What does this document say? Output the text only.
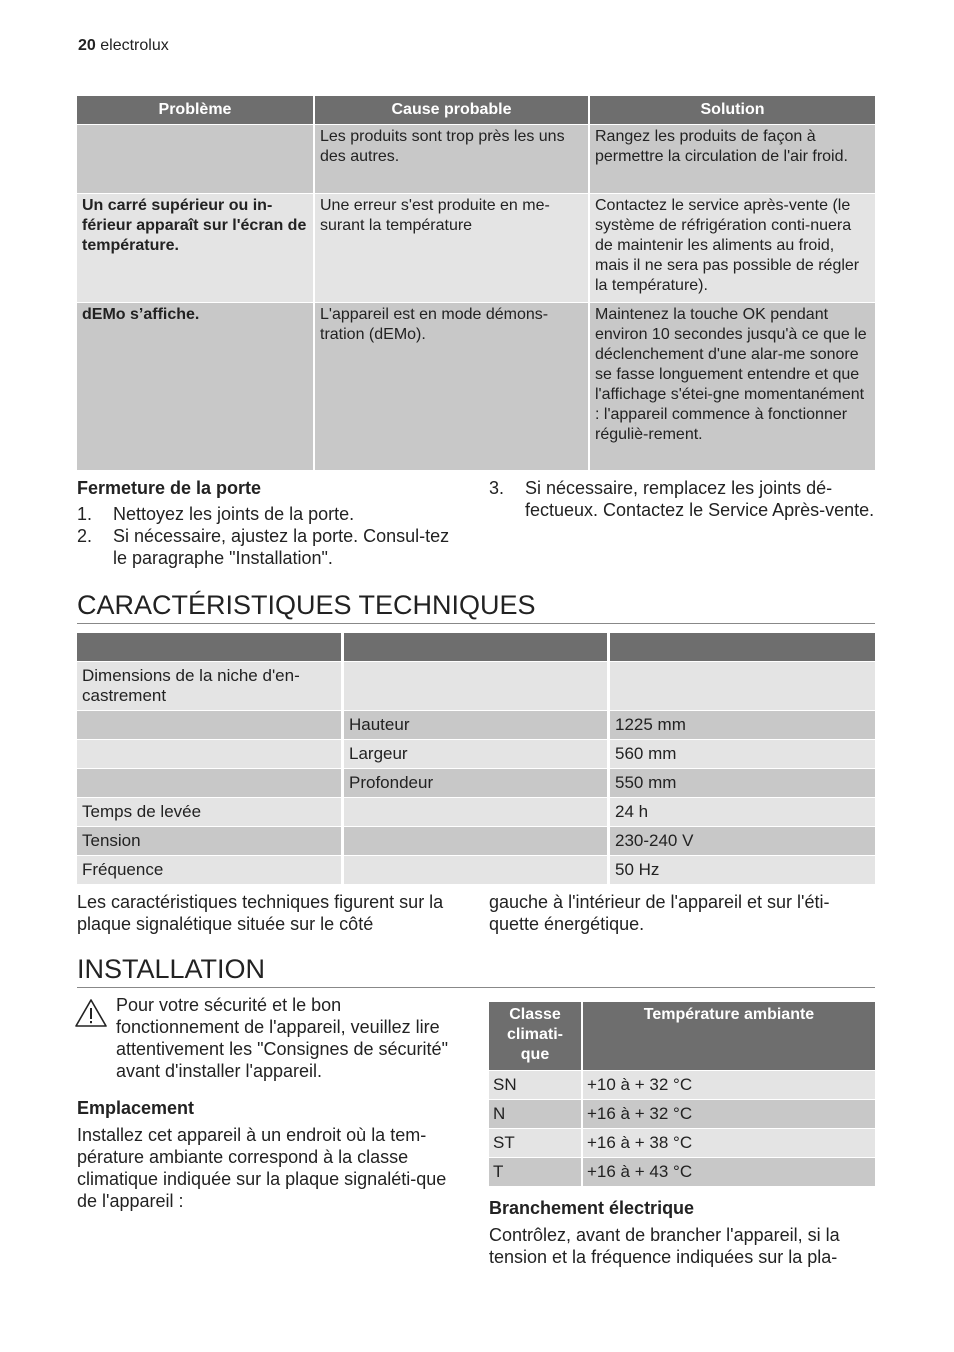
20 electrolux
Problème	Cause probable	Solution
	Les produits sont trop près les uns des autres.	Rangez les produits de façon à permettre la circulation de l'air froid.
Un carré supérieur ou in-férieur apparaît sur l'écran de température.	Une erreur s'est produite en me-surant la température	Contactez le service après-vente (le système de réfrigération conti-nuera de maintenir les aliments au froid, mais il ne sera pas possible de régler la température).
dEMo s’affiche.	L'appareil est en mode démons-tration (dEMo).	Maintenez la touche OK pendant environ 10 secondes jusqu'à ce que le déclenchement d'une alar-me sonore se fasse longuement entendre et que l'affichage s'étei-gne momentanément : l'appareil commence à fonctionner réguliè-rement.
Fermeture de la porte
1. Nettoyez les joints de la porte.
2. Si nécessaire, ajustez la porte. Consul-tez le paragraphe "Installation".
3. Si nécessaire, remplacez les joints dé-fectueux. Contactez le Service Après-vente.
CARACTÉRISTIQUES TECHNIQUES

Dimensions de la niche d'en-castrement		
	Hauteur	1225 mm
	Largeur	560 mm
	Profondeur	550 mm
Temps de levée		24 h
Tension		230-240 V
Fréquence		50 Hz
Les caractéristiques techniques figurent sur la plaque signalétique située sur le côté
gauche à l'intérieur de l'appareil et sur l'éti-quette énergétique.
INSTALLATION
Pour votre sécurité et le bon fonctionnement de l'appareil, veuillez lire attentivement les "Consignes de sécurité" avant d'installer l'appareil.
Emplacement
Installez cet appareil à un endroit où la tem-pérature ambiante correspond à la classe climatique indiquée sur la plaque signaléti-que de l'appareil :
Classe climati-que	Température ambiante
SN	+10 à + 32 °C
N	+16 à + 32 °C
ST	+16 à + 38 °C
T	+16 à + 43 °C
Branchement électrique
Contrôlez, avant de brancher l'appareil, si la tension et la fréquence indiquées sur la pla-
